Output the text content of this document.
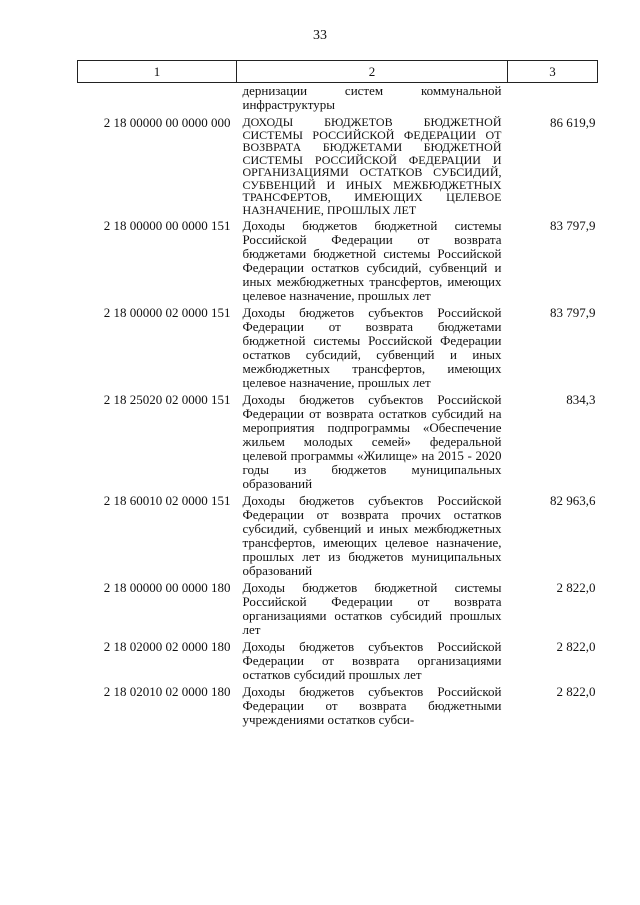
33
1	2	3
	дернизации систем коммунальной инфраструктуры	
2 18 00000 00 0000 000	ДОХОДЫ БЮДЖЕТОВ БЮДЖЕТНОЙ СИСТЕМЫ РОССИЙСКОЙ ФЕДЕРАЦИИ ОТ ВОЗВРАТА БЮДЖЕТАМИ БЮДЖЕТНОЙ СИСТЕМЫ РОССИЙСКОЙ ФЕДЕРАЦИИ И ОРГАНИЗАЦИЯМИ ОСТАТКОВ СУБСИДИЙ, СУБВЕНЦИЙ И ИНЫХ МЕЖБЮДЖЕТНЫХ ТРАНСФЕРТОВ, ИМЕЮЩИХ ЦЕЛЕВОЕ НАЗНАЧЕНИЕ, ПРОШЛЫХ ЛЕТ	86 619,9
2 18 00000 00 0000 151	Доходы бюджетов бюджетной системы Российской Федерации от возврата бюджетами бюджетной системы Российской Федерации остатков субсидий, субвенций и иных межбюджетных трансфертов, имеющих целевое назначение, прошлых лет	83 797,9
2 18 00000 02 0000 151	Доходы бюджетов субъектов Российской Федерации от возврата бюджетами бюджетной системы Российской Федерации остатков субсидий, субвенций и иных межбюджетных трансфертов, имеющих целевое назначение, прошлых лет	83 797,9
2 18 25020 02 0000 151	Доходы бюджетов субъектов Российской Федерации от возврата остатков субсидий на мероприятия подпрограммы «Обеспечение жильем молодых семей» федеральной целевой программы «Жилище» на 2015 - 2020 годы из бюджетов муниципальных образований	834,3
2 18 60010 02 0000 151	Доходы бюджетов субъектов Российской Федерации от возврата прочих остатков субсидий, субвенций и иных межбюджетных трансфертов, имеющих целевое назначение, прошлых лет из бюджетов муниципальных образований	82 963,6
2 18 00000 00 0000 180	Доходы бюджетов бюджетной системы Российской Федерации от возврата организациями остатков субсидий прошлых лет	2 822,0
2 18 02000 02 0000 180	Доходы бюджетов субъектов Российской Федерации от возврата организациями остатков субсидий прошлых лет	2 822,0
2 18 02010 02 0000 180	Доходы бюджетов субъектов Российской Федерации от возврата бюджетными учреждениями остатков субси-	2 822,0
